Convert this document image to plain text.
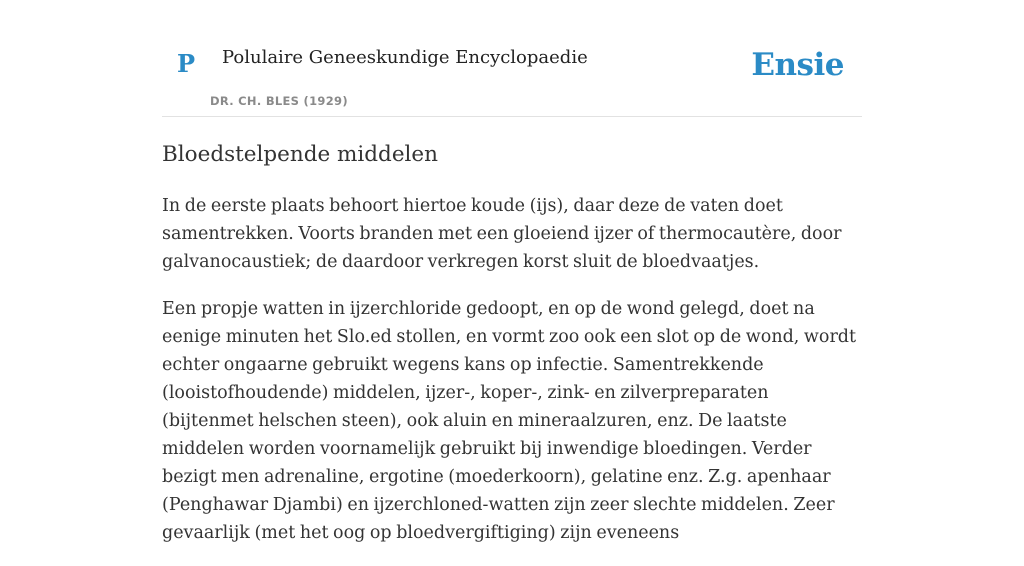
P Polulaire Geneeskundige Encyclopaedie
DR. CH. BLES (1929)
Ensie
Bloedstelpende middelen

In de eerste plaats behoort hiertoe koude (ijs), daar deze de vaten doet samentrekken. Voorts branden met een gloeiend ijzer of thermocautère, door galvanocaustiek; de daardoor verkregen korst sluit de bloedvaatjes.

Een propje watten in ijzerchloride gedoopt, en op de wond gelegd, doet na eenige minuten het Slo.ed stollen, en vormt zoo ook een slot op de wond, wordt echter ongaarne gebruikt wegens kans op infectie. Samentrekkende (looistofhoudende) middelen, ijzer-, koper-, zink- en zilverpreparaten (bijtenmet helschen steen), ook aluin en mineraalzuren, enz. De laatste middelen worden voornamelijk gebruikt bij inwendige bloedingen. Verder bezigt men adrenaline, ergotine (moederkoorn), gelatine enz. Z.g. apenhaar (Penghawar Djambi) en ijzerchloned-watten zijn zeer slechte middelen. Zeer gevaarlijk (met het oog op bloedvergiftiging) zijn eveneens
